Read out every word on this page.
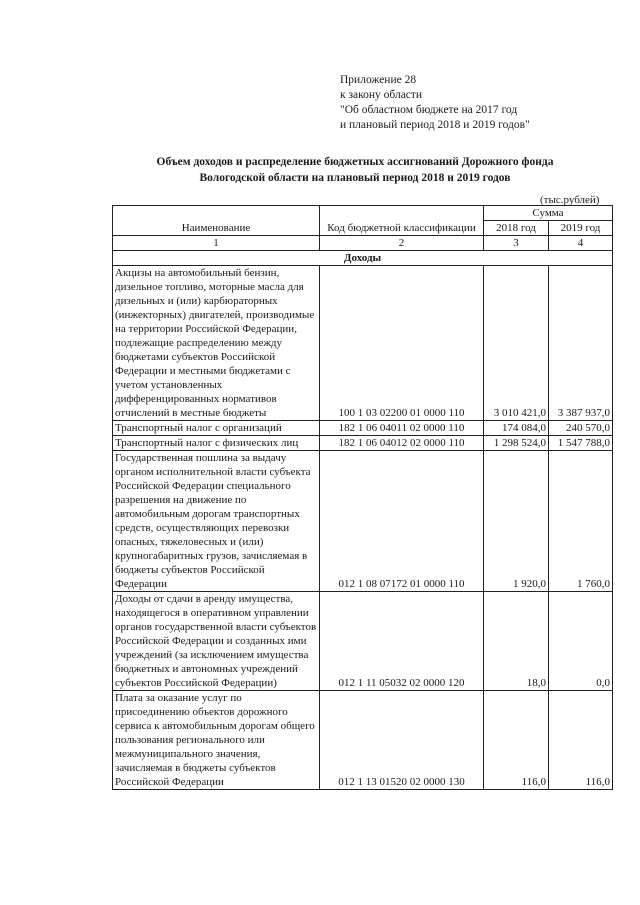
Приложение 28
к закону области
"Об областном бюджете на 2017 год
и плановый период 2018 и 2019 годов"
Объем доходов и распределение бюджетных ассигнований Дорожного фонда
Вологодской области на плановый период 2018 и 2019 годов
(тыс.рублей)
Наименование	Код бюджетной классификации	Сумма	
		2018 год	2019 год
1	2	3	4
Доходы			
Акцизы на автомобильный бензин, дизельное топливо, моторные масла для дизельных и (или) карбюраторных (инжекторных) двигателей, производимые на территории Российской Федерации, подлежащие распределению между бюджетами субъектов Российской Федерации и местными бюджетами с учетом установленных дифференцированных нормативов отчислений в местные бюджеты	100 1 03 02200 01 0000 110	3 010 421,0	3 387 937,0
Транспортный налог с организаций	182 1 06 04011 02 0000 110	174 084,0	240 570,0
Транспортный налог с физических лиц	182 1 06 04012 02 0000 110	1 298 524,0	1 547 788,0
Государственная пошлина за выдачу органом исполнительной власти субъекта Российской Федерации специального разрешения на движение по автомобильным дорогам транспортных средств, осуществляющих перевозки опасных, тяжеловесных и (или) крупногабаритных грузов, зачисляемая в бюджеты субъектов Российской Федерации	012 1 08 07172 01 0000 110	1 920,0	1 760,0
Доходы от сдачи в аренду имущества, находящегося в оперативном управлении органов государственной власти субъектов Российской Федерации и созданных ими учреждений (за исключением имущества бюджетных и автономных учреждений субъектов Российской Федерации)	012 1 11 05032 02 0000 120	18,0	0,0
Плата за оказание услуг по присоединению объектов дорожного сервиса к автомобильным дорогам общего пользования регионального или межмуниципального значения, зачисляемая в бюджеты субъектов Российской Федерации	012 1 13 01520 02 0000 130	116,0	116,0
